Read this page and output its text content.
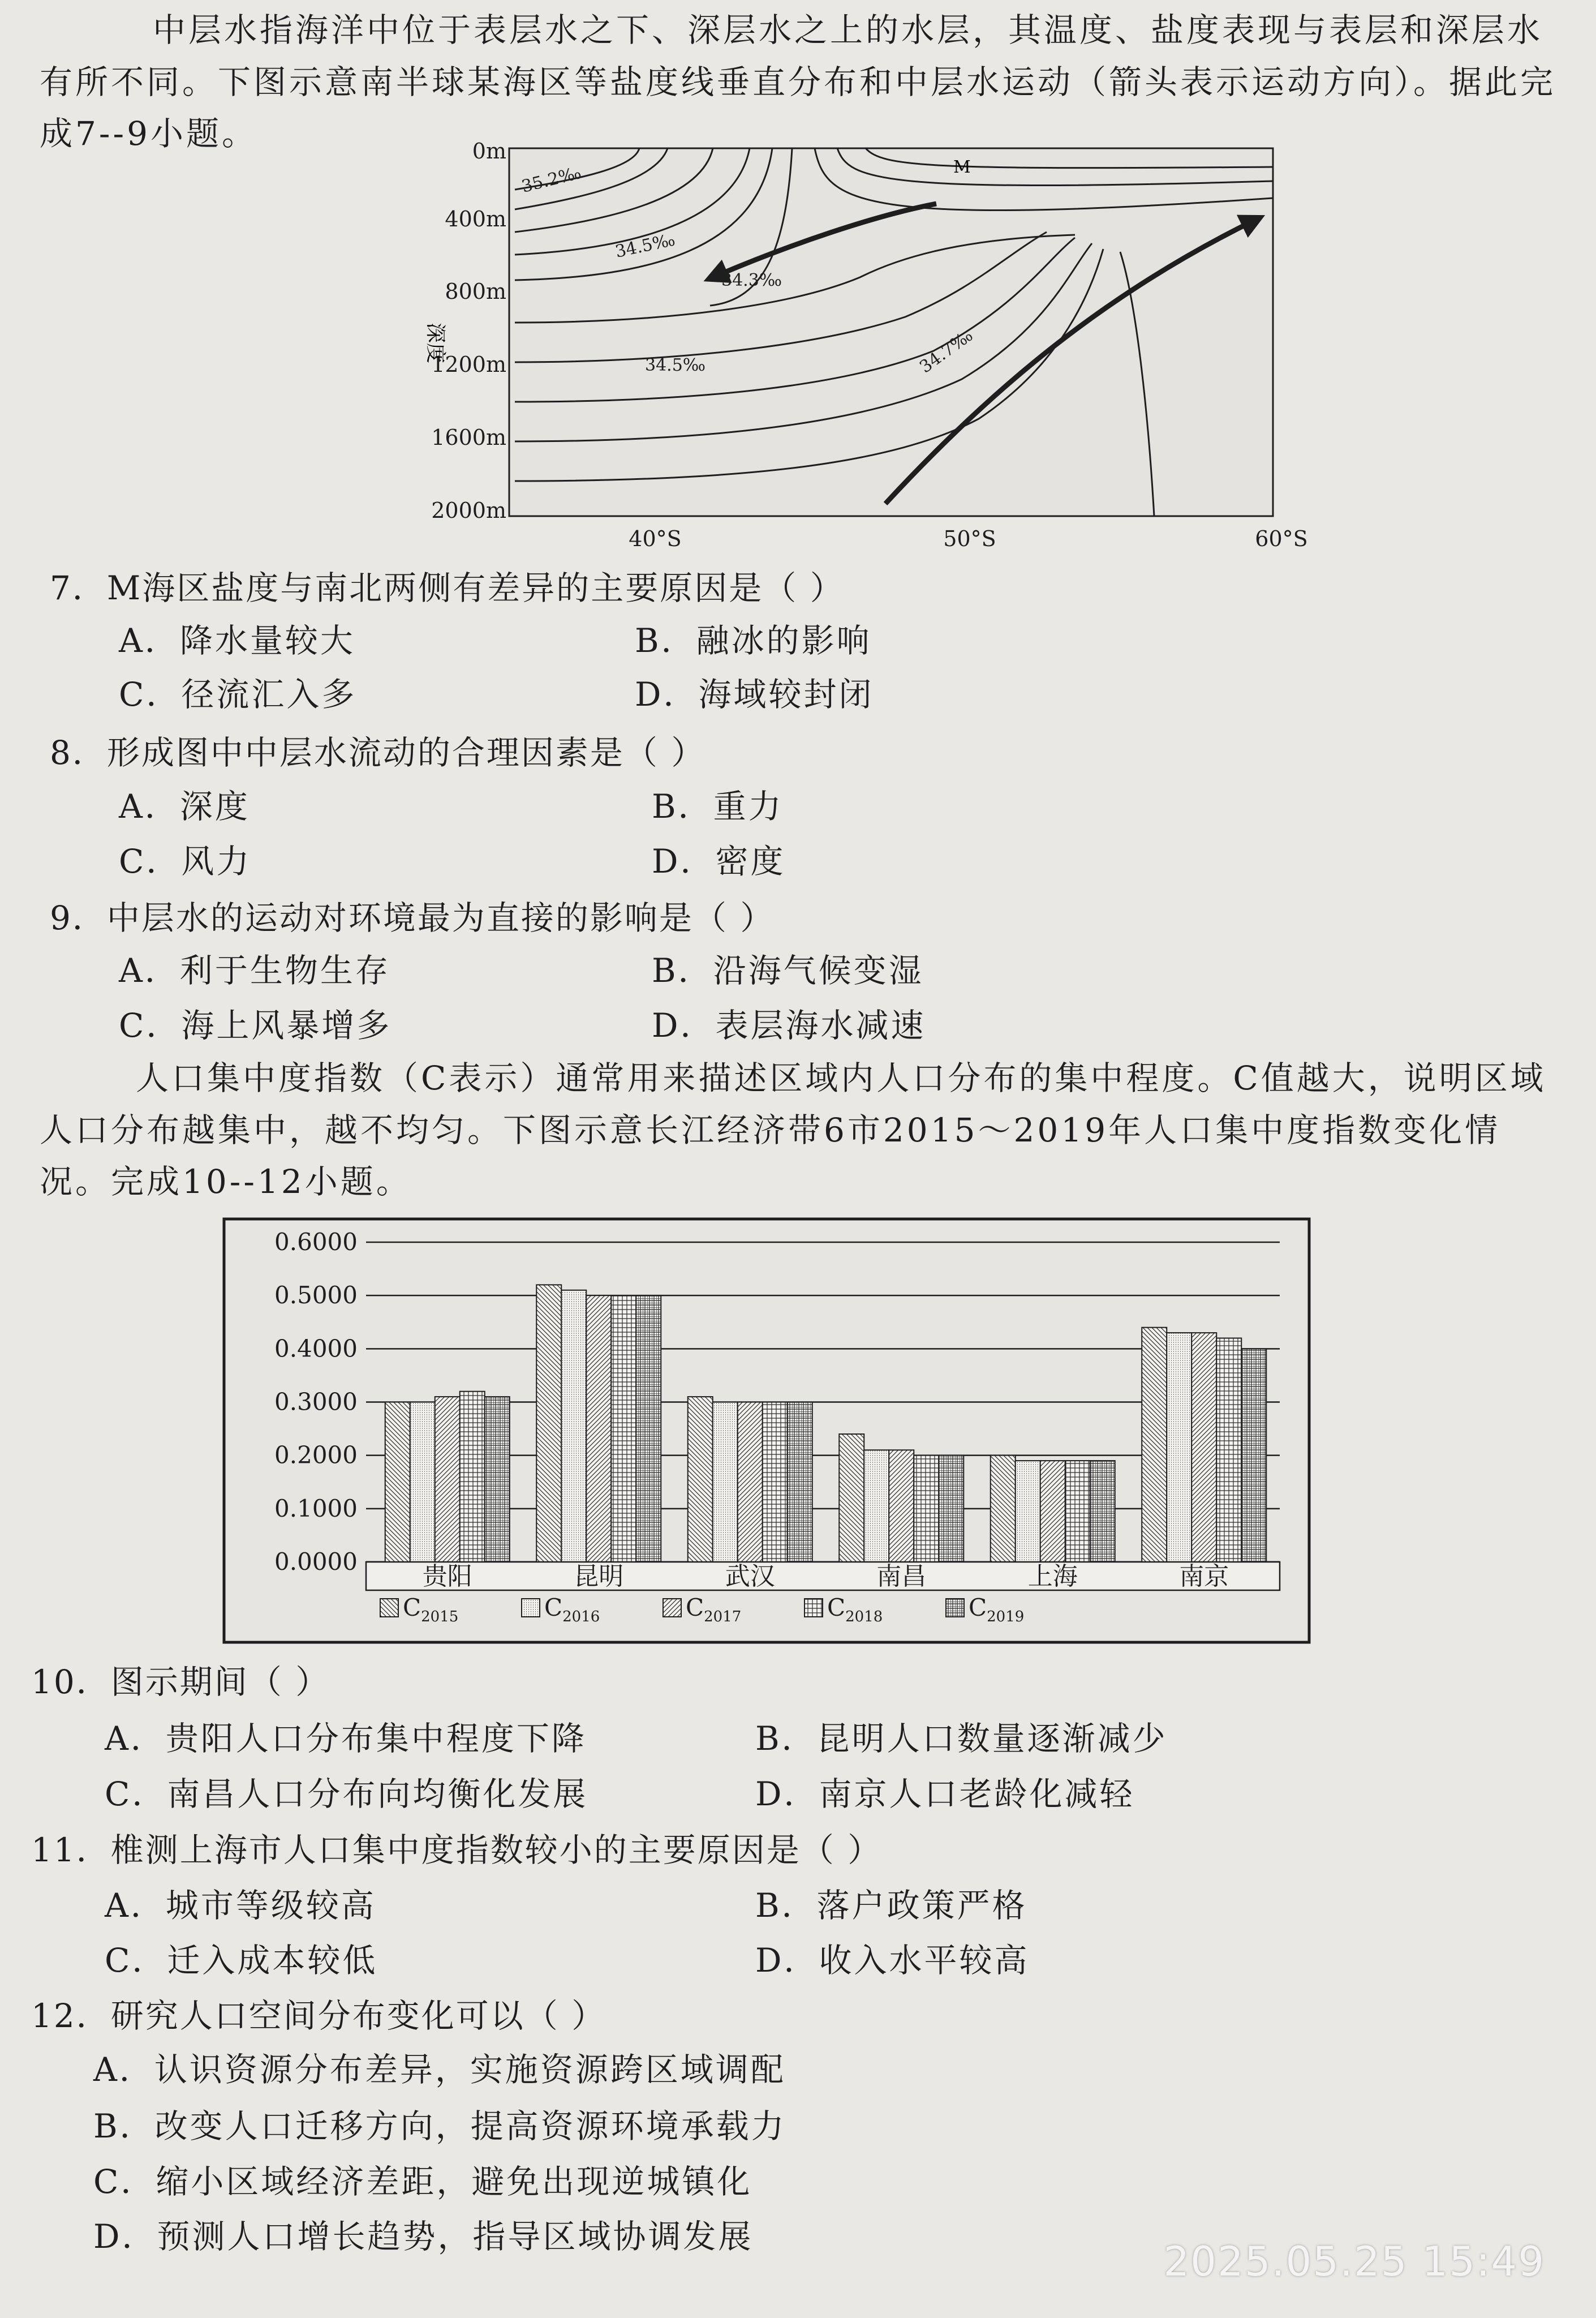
中层水指海洋中位于表层水之下、深层水之上的水层，其温度、盐度表现与表层和深层水有所不同。下图示意南半球某海区等盐度线垂直分布和中层水运动（箭头表示运动方向）。据此完成7--9小题。	0m
400m
800m
1200m
1600m
2000m
深度
40°S	50°S	60°S
35.2‰
34.5‰
34.3‰
34.5‰	34.7‰
M
7．M海区盐度与南北两侧有差异的主要原因是（ ）
A．降水量较大	B．融冰的影响
C．径流汇入多	D．海域较封闭
8．形成图中中层水流动的合理因素是（ ）
A．深度	B．重力
C．风力	D．密度
9．中层水的运动对环境最为直接的影响是（ ）
A．利于生物生存	B．沿海气候变湿
C．海上风暴增多	D．表层海水减速
人口集中度指数（C表示）通常用来描述区域内人口分布的集中程度。C值越大，说明区域人口分布越集中，越不均匀。下图示意长江经济带6市2015～2019年人口集中度指数变化情况。完成10--12小题。
0.0000
0.1000
0.2000
0.3000
0.4000
0.5000
0.6000
贵阳	昆明	武汉	南昌	上海	南京
$C_{2015}$	$C_{2016}$	$C_{2017}$	$C_{2018}$	$C_{2019}$
10．图示期间（ ）
A．贵阳人口分布集中程度下降	B．昆明人口数量逐渐减少
C．南昌人口分布向均衡化发展	D．南京人口老龄化减轻
11．椎测上海市人口集中度指数较小的主要原因是（ ）
A．城市等级较高	B．落户政策严格
C．迁入成本较低	D．收入水平较高
12．研究人口空间分布变化可以（ ）
A．认识资源分布差异，实施资源跨区域调配
B．改变人口迁移方向，提高资源环境承载力
C．缩小区域经济差距，避免出现逆城镇化
D．预测人口增长趋势，指导区域协调发展
2025.05.25 15:49
